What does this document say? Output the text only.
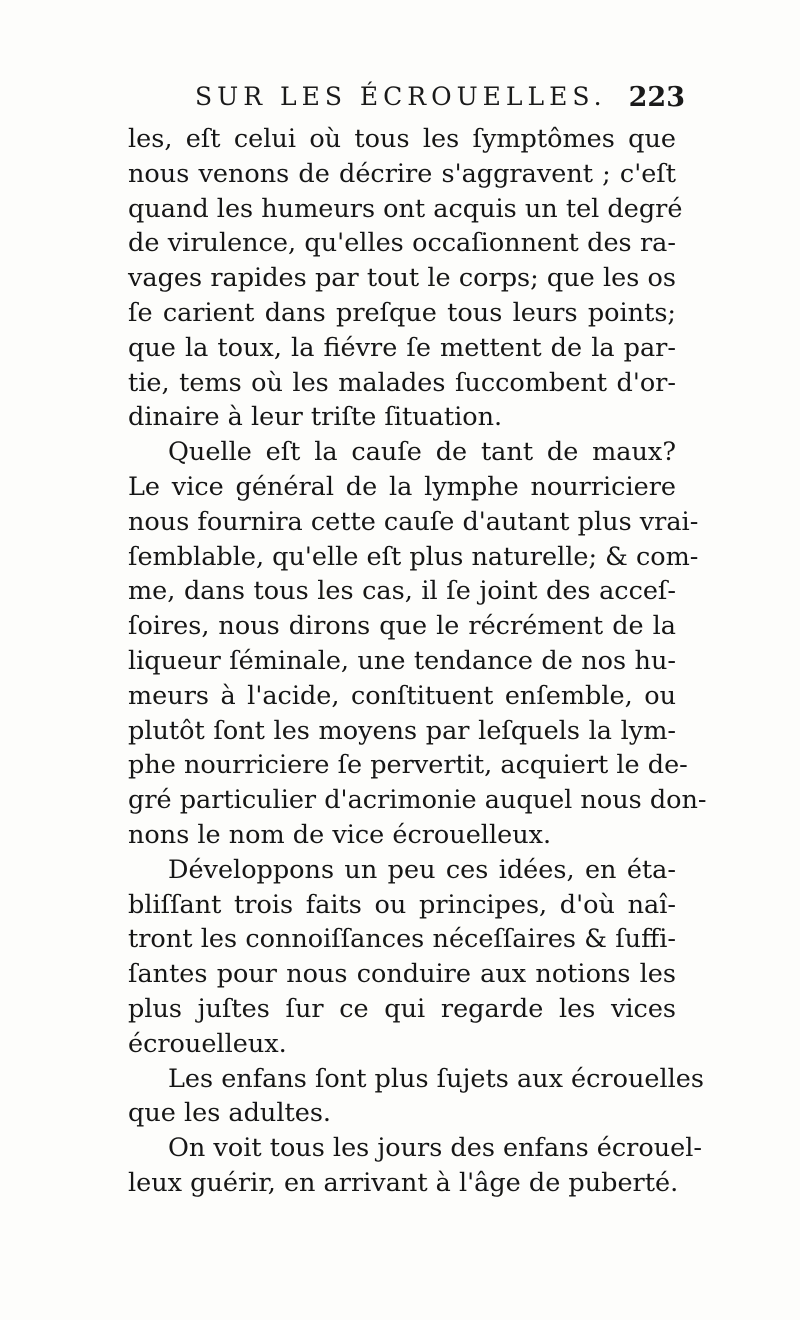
SUR LES ÉCROUELLES. 223
les, eſt celui où tous les ſymptômes que
nous venons de décrire s'aggravent ; c'eſt
quand les humeurs ont acquis un tel degré
de virulence, qu'elles occaſionnent des ra-
vages rapides par tout le corps; que les os
ſe carient dans preſque tous leurs points;
que la toux, la fiévre ſe mettent de la par-
tie, tems où les malades ſuccombent d'or-
dinaire à leur triſte ſituation.
Quelle eſt la cauſe de tant de maux?
Le vice général de la lymphe nourriciere
nous fournira cette cauſe d'autant plus vrai-
ſemblable, qu'elle eſt plus naturelle; & com-
me, dans tous les cas, il ſe joint des acceſ-
ſoires, nous dirons que le récrément de la
liqueur ſéminale, une tendance de nos hu-
meurs à l'acide, conſtituent enſemble, ou
plutôt ſont les moyens par leſquels la lym-
phe nourriciere ſe pervertit, acquiert le de-
gré particulier d'acrimonie auquel nous don-
nons le nom de vice écrouelleux.
Développons un peu ces idées, en éta-
bliſſant trois faits ou principes, d'où naî-
tront les connoiſſances néceſſaires & ſuffi-
ſantes pour nous conduire aux notions les
plus juſtes ſur ce qui regarde les vices
écrouelleux.
Les enfans ſont plus ſujets aux écrouelles
que les adultes.
On voit tous les jours des enfans écrouel-
leux guérir, en arrivant à l'âge de puberté.
